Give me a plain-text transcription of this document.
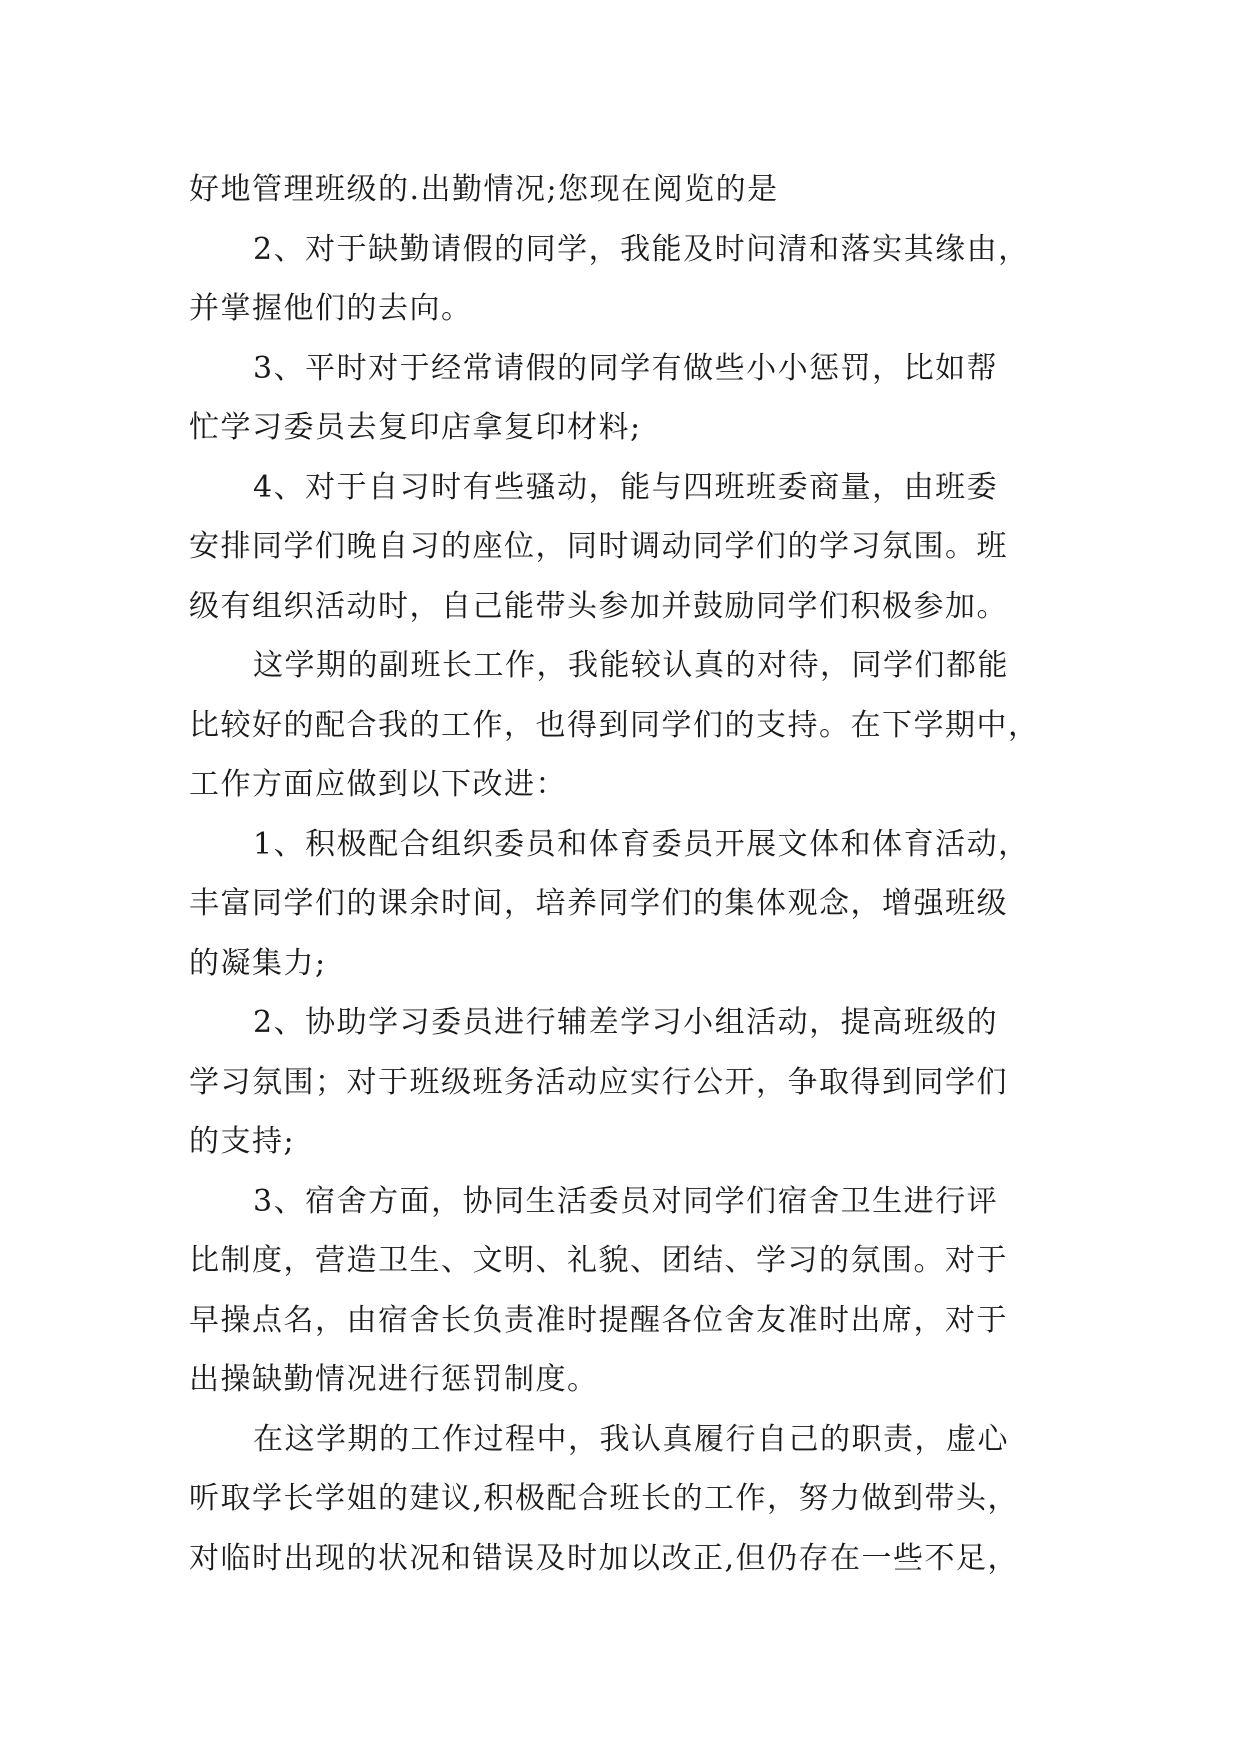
好地管理班级的.出勤情况;您现在阅览的是
2、对于缺勤请假的同学，我能及时问清和落实其缘由，
并掌握他们的去向。
3、平时对于经常请假的同学有做些小小惩罚，比如帮
忙学习委员去复印店拿复印材料;
4、对于自习时有些骚动，能与四班班委商量，由班委
安排同学们晚自习的座位，同时调动同学们的学习氛围。班
级有组织活动时，自己能带头参加并鼓励同学们积极参加。
这学期的副班长工作，我能较认真的对待，同学们都能
比较好的配合我的工作，也得到同学们的支持。在下学期中，
工作方面应做到以下改进：
1、积极配合组织委员和体育委员开展文体和体育活动，
丰富同学们的课余时间，培养同学们的集体观念，增强班级
的凝集力;
2、协助学习委员进行辅差学习小组活动，提高班级的
学习氛围；对于班级班务活动应实行公开，争取得到同学们
的支持;
3、宿舍方面，协同生活委员对同学们宿舍卫生进行评
比制度，营造卫生、文明、礼貌、团结、学习的氛围。对于
早操点名，由宿舍长负责准时提醒各位舍友准时出席，对于
出操缺勤情况进行惩罚制度。
在这学期的工作过程中，我认真履行自己的职责，虚心
听取学长学姐的建议,积极配合班长的工作，努力做到带头，
对临时出现的状况和错误及时加以改正,但仍存在一些不足，
